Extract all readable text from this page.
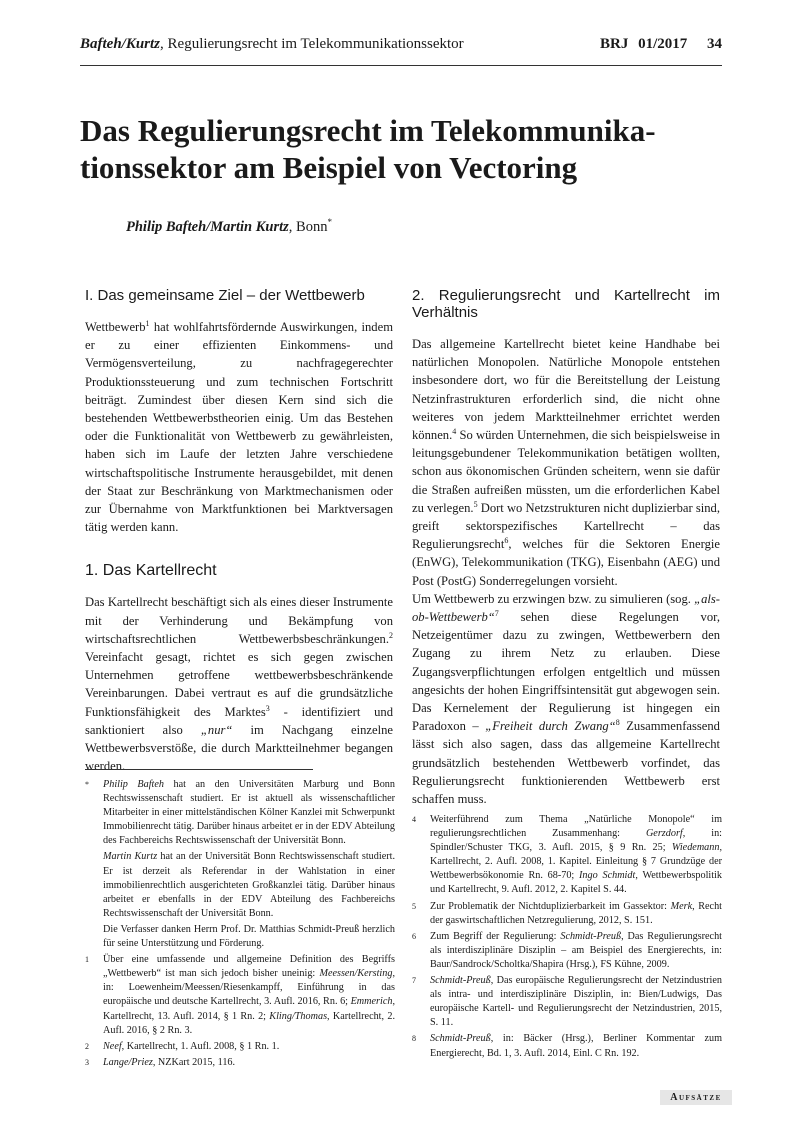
Bafteh/Kurtz, Regulierungsrecht im Telekommunikationssektor	BRJ 01/2017 34
Das Regulierungsrecht im Telekommunika-
tionssektor am Beispiel von Vectoring
Philip Bafteh/Martin Kurtz, Bonn*
I. Das gemeinsame Ziel – der Wettbewerb

Wettbewerb$^1$ hat wohlfahrtsfördernde Auswirkungen, indem er zu einer effizienten Einkommens- und Vermögensverteilung, zu nachfragegerechter Produktionssteuerung und zum technischen Fortschritt beiträgt. Zumindest über diesen Kern sind sich die bestehenden Wettbewerbstheorien einig. Um das Bestehen oder die Funktionalität von Wettbewerb zu gewährleisten, haben sich im Laufe der letzten Jahre verschiedene wirtschaftspolitische Instrumente herausgebildet, mit denen der Staat zur Beschränkung von Marktmechanismen oder zur Übernahme von Marktfunktionen bei Marktversagen tätig werden kann.

1. Das Kartellrecht

Das Kartellrecht beschäftigt sich als eines dieser Instrumente mit der Verhinderung und Bekämpfung von wirtschaftsrechtlichen Wettbewerbsbeschränkungen.$^2$ Vereinfacht gesagt, richtet es sich gegen zwischen Unternehmen getroffene wettbewerbsbeschränkende Vereinbarungen. Dabei vertraut es auf die grundsätzliche Funktionsfähigkeit des Marktes$^3$ - identifiziert und sanktioniert also „nur“ im Nachgang einzelne Wettbewerbsverstöße, die durch Marktteilnehmer begangen werden.

2. Regulierungsrecht und Kartellrecht im Verhältnis

Das allgemeine Kartellrecht bietet keine Handhabe bei natürlichen Monopolen. Natürliche Monopole entstehen insbesondere dort, wo für die Bereitstellung der Leistung Netzinfrastrukturen erforderlich sind, die nicht ohne weiteres von jedem Marktteilnehmer errichtet werden können.$^4$ So würden Unternehmen, die sich beispielsweise in leitungsgebundener Telekommunikation betätigen wollten, schon aus ökonomischen Gründen scheitern, wenn sie dafür die Straßen aufreißen müssten, um die erforderlichen Kabel zu verlegen.$^5$ Dort wo Netzstrukturen nicht duplizierbar sind, greift sektorspezifisches Kartellrecht – das Regulierungsrecht$^6$, welches für die Sektoren Energie (EnWG), Telekommunikation (TKG), Eisenbahn (AEG) und Post (PostG) Sonderregelungen vorsieht.

Um Wettbewerb zu erzwingen bzw. zu simulieren (sog. „als-ob-Wettbewerb“$^7$ sehen diese Regelungen vor, Netzeigentümer dazu zu zwingen, Wettbewerbern den Zugang zu ihrem Netz zu erlauben. Diese Zugangsverpflichtungen erfolgen entgeltlich und müssen angesichts der hohen Eingriffsintensität gut abgewogen sein. Das Kernelement der Regulierung ist hingegen ein Paradoxon – „Freiheit durch Zwang“$^8$ Zusammenfassend lässt sich also sagen, dass das allgemeine Kartellrecht grundsätzlich bestehenden Wettbewerb vorfindet, das Regulierungsrecht funktionierenden Wettbewerb erst schaffen muss.

*	Philip Bafteh hat an den Universitäten Marburg und Bonn Rechtswissenschaft studiert. Er ist aktuell als wissenschaftlicher Mitarbeiter in einer mittelständischen Kölner Kanzlei mit Schwerpunkt Immobilienrecht tätig. Darüber hinaus arbeitet er in der EDV Abteilung des Fachbereichs Rechtswissenschaft der Universität Bonn.
Martin Kurtz hat an der Universität Bonn Rechtswissenschaft studiert. Er ist derzeit als Referendar in der Wahlstation in einer immobilienrechtlich ausgerichteten Großkanzlei tätig. Darüber hinaus arbeitet er ebenfalls in der EDV Abteilung des Fachbereichs Rechtswissenschaft der Universität Bonn.
Die Verfasser danken Herrn Prof. Dr. Matthias Schmidt-Preuß herzlich für seine Unterstützung und Förderung.
1	Über eine umfassende und allgemeine Definition des Begriffs „Wettbewerb“ ist man sich jedoch bisher uneinig: Meessen/Kersting, in: Loewenheim/Meessen/Riesenkampff, Einführung in das europäische und deutsche Kartellrecht, 3. Aufl. 2016, Rn. 6; Emmerich, Kartellrecht, 13. Aufl. 2014, § 1 Rn. 2; Kling/Thomas, Kartellrecht, 2. Aufl. 2016, § 2 Rn. 3.
2	Neef, Kartellrecht, 1. Aufl. 2008, § 1 Rn. 1.
3	Lange/Priez, NZKart 2015, 116.
4	Weiterführend zum Thema „Natürliche Monopole“ im regulierungsrechtlichen Zusammenhang: Gerzdorf, in: Spindler/Schuster TKG, 3. Aufl. 2015, § 9 Rn. 25; Wiedemann, Kartellrecht, 2. Aufl. 2008, 1. Kapitel. Einleitung § 7 Grundzüge der Wettbewerbsökonomie Rn. 68-70; Ingo Schmidt, Wettbewerbspolitik und Kartellrecht, 9. Aufl. 2012, 2. Kapitel S. 44.
5	Zur Problematik der Nichtduplizierbarkeit im Gassektor: Merk, Recht der gaswirtschaftlichen Netzregulierung, 2012, S. 151.
6	Zum Begriff der Regulierung: Schmidt-Preuß, Das Regulierungsrecht als interdisziplinäre Disziplin – am Beispiel des Energierechts, in: Baur/Sandrock/Scholtka/Shapira (Hrsg.), FS Kühne, 2009.
7	Schmidt-Preuß, Das europäische Regulierungsrecht der Netzindustrien als intra- und interdisziplinäre Disziplin, in: Bien/Ludwigs, Das europäische Kartell- und Regulierungsrecht der Netzindustrien, 2015, S. 11.
8	Schmidt-Preuß, in: Bäcker (Hrsg.), Berliner Kommentar zum Energierecht, Bd. 1, 3. Aufl. 2014, Einl. C Rn. 192.
Aufsätze
